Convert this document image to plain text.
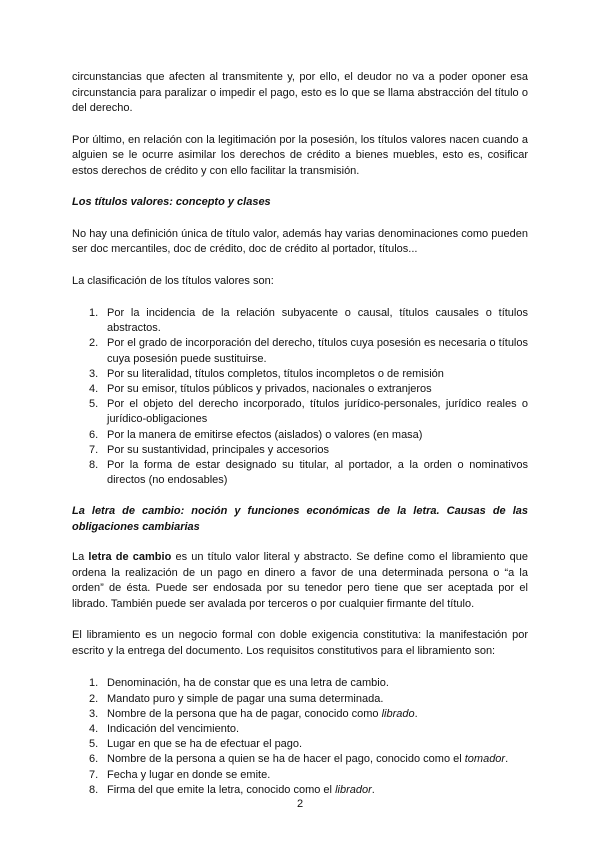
circunstancias que afecten al transmitente y, por ello, el deudor no va a poder oponer esa circunstancia para paralizar o impedir el pago, esto es lo que se llama abstracción del título o del derecho.

Por último, en relación con la legitimación por la posesión, los títulos valores nacen cuando a alguien se le ocurre asimilar los derechos de crédito a bienes muebles, esto es, cosificar estos derechos de crédito y con ello facilitar la transmisión.

Los títulos valores: concepto y clases

No hay una definición única de título valor, además hay varias denominaciones como pueden ser doc mercantiles, doc de crédito, doc de crédito al portador, títulos...

La clasificación de los títulos valores son:

1. Por la incidencia de la relación subyacente o causal, títulos causales o títulos abstractos.
2. Por el grado de incorporación del derecho, títulos cuya posesión es necesaria o títulos cuya posesión puede sustituirse.
3. Por su literalidad, títulos completos, títulos incompletos o de remisión
4. Por su emisor, títulos públicos y privados, nacionales o extranjeros
5. Por el objeto del derecho incorporado, títulos jurídico-personales, jurídico reales o jurídico-obligaciones
6. Por la manera de emitirse efectos (aislados) o valores (en masa)
7. Por su sustantividad, principales y accesorios
8. Por la forma de estar designado su titular, al portador, a la orden o nominativos directos (no endosables)

La letra de cambio: noción y funciones económicas de la letra. Causas de las obligaciones cambiarias

La letra de cambio es un título valor literal y abstracto. Se define como el libramiento que ordena la realización de un pago en dinero a favor de una determinada persona o “a la orden” de ésta. Puede ser endosada por su tenedor pero tiene que ser aceptada por el librado. También puede ser avalada por terceros o por cualquier firmante del título.

El libramiento es un negocio formal con doble exigencia constitutiva: la manifestación por escrito y la entrega del documento. Los requisitos constitutivos para el libramiento son:

1. Denominación, ha de constar que es una letra de cambio.
2. Mandato puro y simple de pagar una suma determinada.
3. Nombre de la persona que ha de pagar, conocido como librado.
4. Indicación del vencimiento.
5. Lugar en que se ha de efectuar el pago.
6. Nombre de la persona a quien se ha de hacer el pago, conocido como el tomador.
7. Fecha y lugar en donde se emite.
8. Firma del que emite la letra, conocido como el librador.
2
